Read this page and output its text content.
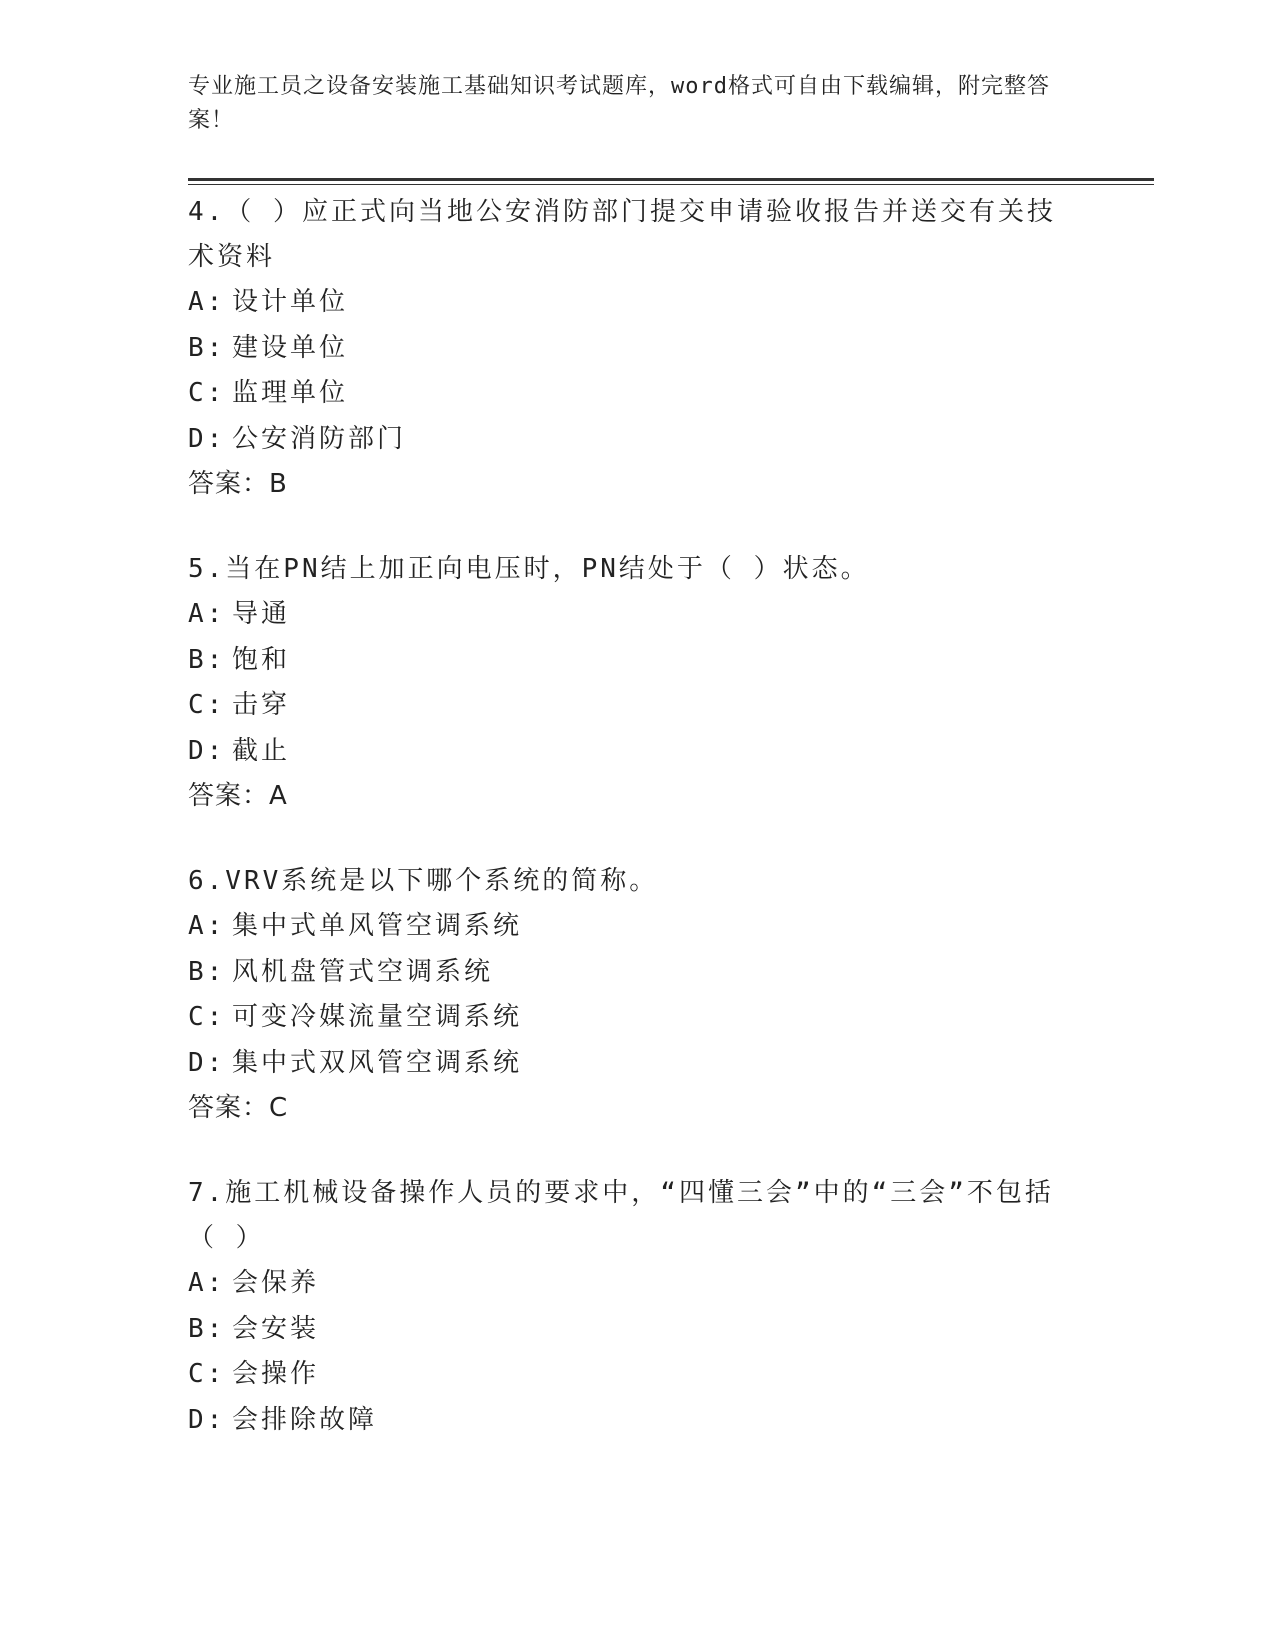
专业施工员之设备安装施工基础知识考试题库，word格式可自由下载编辑，附完整答案！

4.（ ）应正式向当地公安消防部门提交申请验收报告并送交有关技术资料

A: 设计单位

B: 建设单位

C: 监理单位

D: 公安消防部门

答案：B

5.当在PN结上加正向电压时，PN结处于（ ）状态。

A: 导通

B: 饱和

C: 击穿

D: 截止

答案：A

6.VRV系统是以下哪个系统的简称。

A: 集中式单风管空调系统

B: 风机盘管式空调系统

C: 可变冷媒流量空调系统

D: 集中式双风管空调系统

答案：C

7.施工机械设备操作人员的要求中，“四懂三会”中的“三会”不包括（ ）

A: 会保养

B: 会安装

C: 会操作

D: 会排除故障
